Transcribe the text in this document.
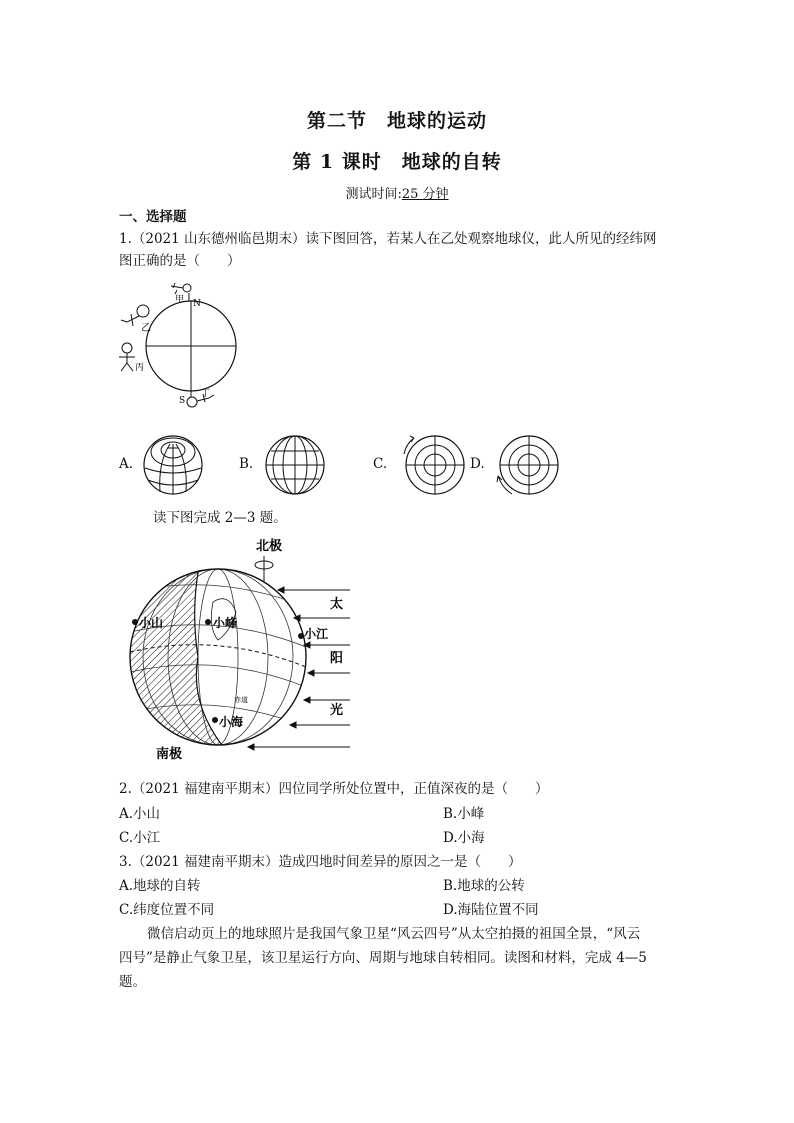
第二节　地球的运动
第 1 课时　地球的自转
测试时间:25 分钟
一、选择题
1.（2021 山东德州临邑期末）读下图回答，若某人在乙处观察地球仪，此人所见的经纬网
图正确的是（　　）
甲 N
乙
丙
S
丁
A.	B.	C.	D.
读下图完成 2—3 题。
北极
南极
太
阳
光
小山	小峰
小江
小海
赤道
2.（2021 福建南平期末）四位同学所处位置中，正值深夜的是（　　）
A.小山	B.小峰
C.小江	D.小海
3.（2021 福建南平期末）造成四地时间差异的原因之一是（　　）
A.地球的自转	B.地球的公转
C.纬度位置不同	D.海陆位置不同
微信启动页上的地球照片是我国气象卫星“风云四号”从太空拍摄的祖国全景，“风云
四号”是静止气象卫星，该卫星运行方向、周期与地球自转相同。读图和材料，完成 4—5
题。
